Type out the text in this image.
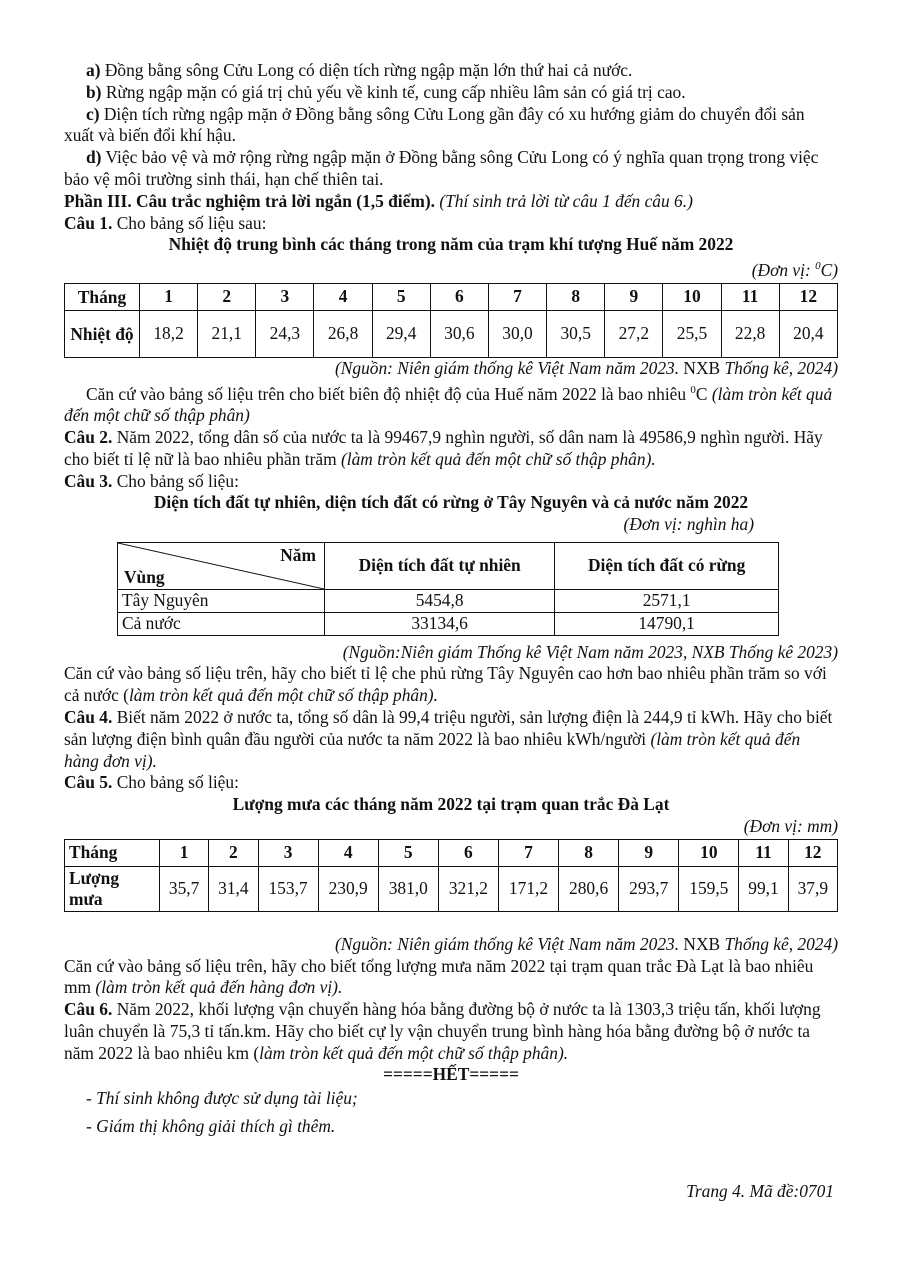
a) Đồng bằng sông Cửu Long có diện tích rừng ngập mặn lớn thứ hai cả nước.

b) Rừng ngập mặn có giá trị chủ yếu về kinh tế, cung cấp nhiều lâm sản có giá trị cao.

c) Diện tích rừng ngập mặn ở Đồng bằng sông Cửu Long gần đây có xu hướng giảm do chuyển đổi sản xuất và biến đổi khí hậu.

d) Việc bảo vệ và mở rộng rừng ngập mặn ở Đồng bằng sông Cửu Long có ý nghĩa quan trọng trong việc bảo vệ môi trường sinh thái, hạn chế thiên tai.

Phần III. Câu trắc nghiệm trả lời ngắn (1,5 điểm). (Thí sinh trả lời từ câu 1 đến câu 6.)

Câu 1. Cho bảng số liệu sau:

Nhiệt độ trung bình các tháng trong năm của trạm khí tượng Huế năm 2022

(Đơn vị: $^0$C)

Tháng	1	2	3	4	5	6	7	8	9	10	11	12
Nhiệt độ	18,2	21,1	24,3	26,8	29,4	30,6	30,0	30,5	27,2	25,5	22,8	20,4

(Nguồn: Niên giám thống kê Việt Nam năm 2023. NXB Thống kê, 2024)

Căn cứ vào bảng số liệu trên cho biết biên độ nhiệt độ của Huế năm 2022 là bao nhiêu $^0$C (làm tròn kết quả đến một chữ số thập phân)

Câu 2. Năm 2022, tổng dân số của nước ta là 99467,9 nghìn người, số dân nam là 49586,9 nghìn người. Hãy cho biết tỉ lệ nữ là bao nhiêu phần trăm (làm tròn kết quả đến một chữ số thập phân).

Câu 3. Cho bảng số liệu:

Diện tích đất tự nhiên, diện tích đất có rừng ở Tây Nguyên và cả nước năm 2022

(Đơn vị: nghìn ha)

Năm
Vùng	Diện tích đất tự nhiên	Diện tích đất có rừng
Tây Nguyên	5454,8	2571,1
Cả nước	33134,6	14790,1

(Nguồn:Niên giám Thống kê Việt Nam năm 2023, NXB Thống kê 2023)

Căn cứ vào bảng số liệu trên, hãy cho biết tỉ lệ che phủ rừng Tây Nguyên cao hơn bao nhiêu phần trăm so với cả nước (làm tròn kết quả đến một chữ số thập phân).

Câu 4. Biết năm 2022 ở nước ta, tổng số dân là 99,4 triệu người, sản lượng điện là 244,9 tỉ kWh. Hãy cho biết sản lượng điện bình quân đầu người của nước ta năm 2022 là bao nhiêu kWh/người (làm tròn kết quả đến hàng đơn vị).

Câu 5. Cho bảng số liệu:

Lượng mưa các tháng năm 2022 tại trạm quan trắc Đà Lạt

(Đơn vị: mm)

Tháng	1	2	3	4	5	6	7	8	9	10	11	12
Lượng mưa	35,7	31,4	153,7	230,9	381,0	321,2	171,2	280,6	293,7	159,5	99,1	37,9

(Nguồn: Niên giám thống kê Việt Nam năm 2023. NXB Thống kê, 2024)

Căn cứ vào bảng số liệu trên, hãy cho biết tổng lượng mưa năm 2022 tại trạm quan trắc Đà Lạt là bao nhiêu mm (làm tròn kết quả đến hàng đơn vị).

Câu 6. Năm 2022, khối lượng vận chuyển hàng hóa bằng đường bộ ở nước ta là 1303,3 triệu tấn, khối lượng luân chuyển là 75,3 tỉ tấn.km. Hãy cho biết cự ly vận chuyển trung bình hàng hóa bằng đường bộ ở nước ta năm 2022 là bao nhiêu km (làm tròn kết quả đến một chữ số thập phân).

=====HẾT=====

- Thí sinh không được sử dụng tài liệu;

- Giám thị không giải thích gì thêm.

Trang 4. Mã đề:0701
